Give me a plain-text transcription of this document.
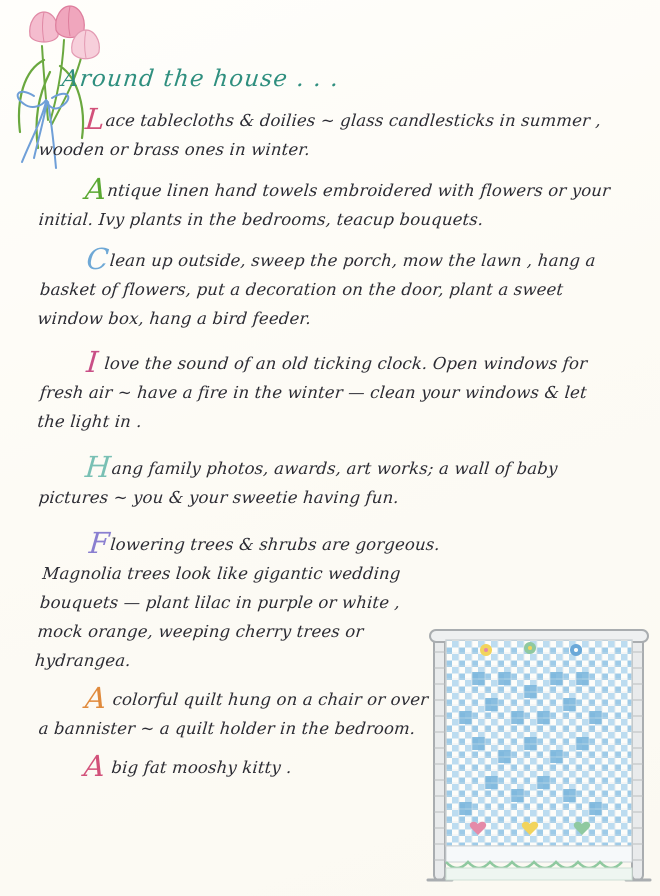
Around the house . . .

Lace tablecloths & doilies ~ glass candlesticks in summer , wooden or brass ones in winter.

Antique linen hand towels embroidered with flowers or your initial. Ivy plants in the bedrooms, teacup bouquets.

Clean up outside, sweep the porch, mow the lawn , hang a basket of flowers, put a decoration on the door, plant a sweet window box, hang a bird feeder.

I love the sound of an old ticking clock. Open windows for fresh air ~ have a fire in the winter — clean your windows & let the light in .

Hang family photos, awards, art works; a wall of baby pictures ~ you & your sweetie having fun.

Flowering trees & shrubs are gorgeous. Magnolia trees look like gigantic wedding bouquets — plant lilac in purple or white , mock orange, weeping cherry trees or hydrangea.

A colorful quilt hung on a chair or over a bannister ~ a quilt holder in the bedroom.

A big fat mooshy kitty .
